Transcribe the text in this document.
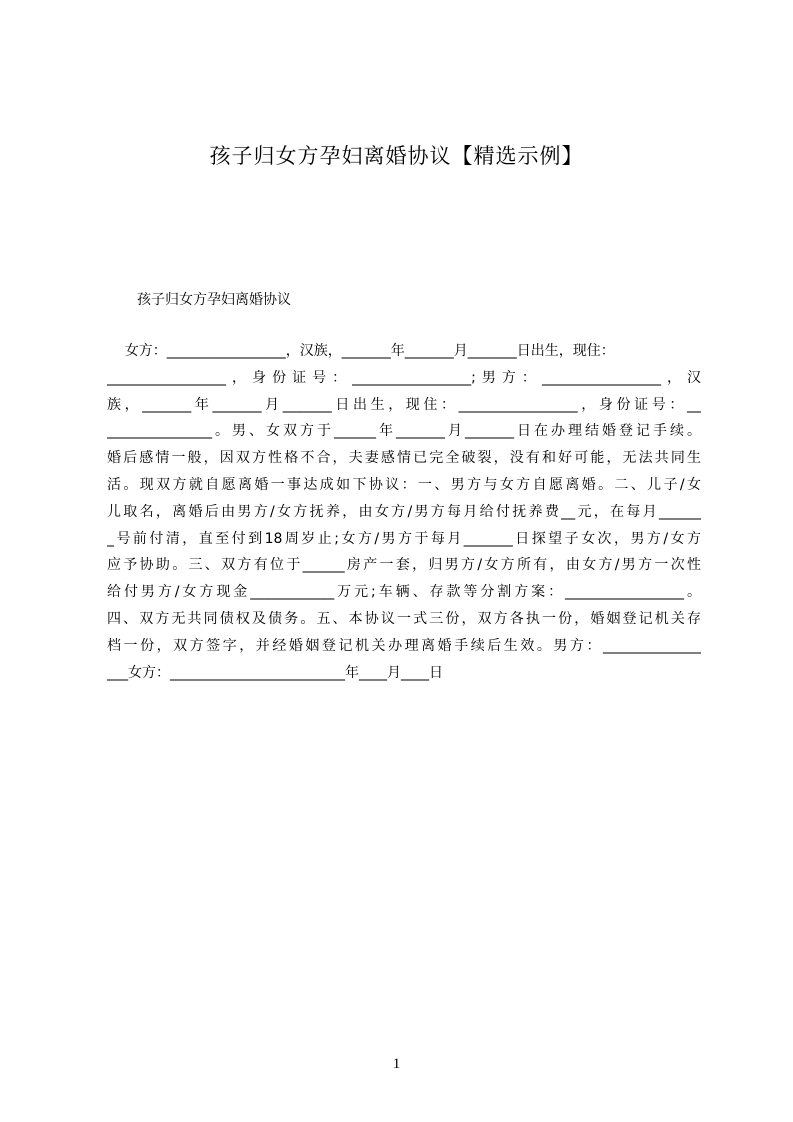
孩子归女方孕妇离婚协议【精选示例】
孩子归女方孕妇离婚协议
女方：_________________，汉族，_______年_______月_______日出生，现住：
_________________，身份证号：_________________;男方：_________________，汉
族，_______年_______月_______日出生，现住：_________________，身份证号：__
_______________。男、女双方于______年_______月_______日在办理结婚登记手续。
婚后感情一般，因双方性格不合，夫妻感情已完全破裂，没有和好可能，无法共同生
活。现双方就自愿离婚一事达成如下协议：一、男方与女方自愿离婚。二、儿子/女
儿取名，离婚后由男方/女方抚养，由女方/男方每月给付抚养费__元，在每月______
_号前付清，直至付到18周岁止;女方/男方于每月_______日探望子女次，男方/女方
应予协助。三、双方有位于______房产一套，归男方/女方所有，由女方/男方一次性
给付男方/女方现金____________万元;车辆、存款等分割方案：_________________。
四、双方无共同债权及债务。五、本协议一式三份，双方各执一份，婚姻登记机关存
档一份，双方签字，并经婚姻登记机关办理离婚手续后生效。男方：______________
___女方：_________________________年____月____日
1
